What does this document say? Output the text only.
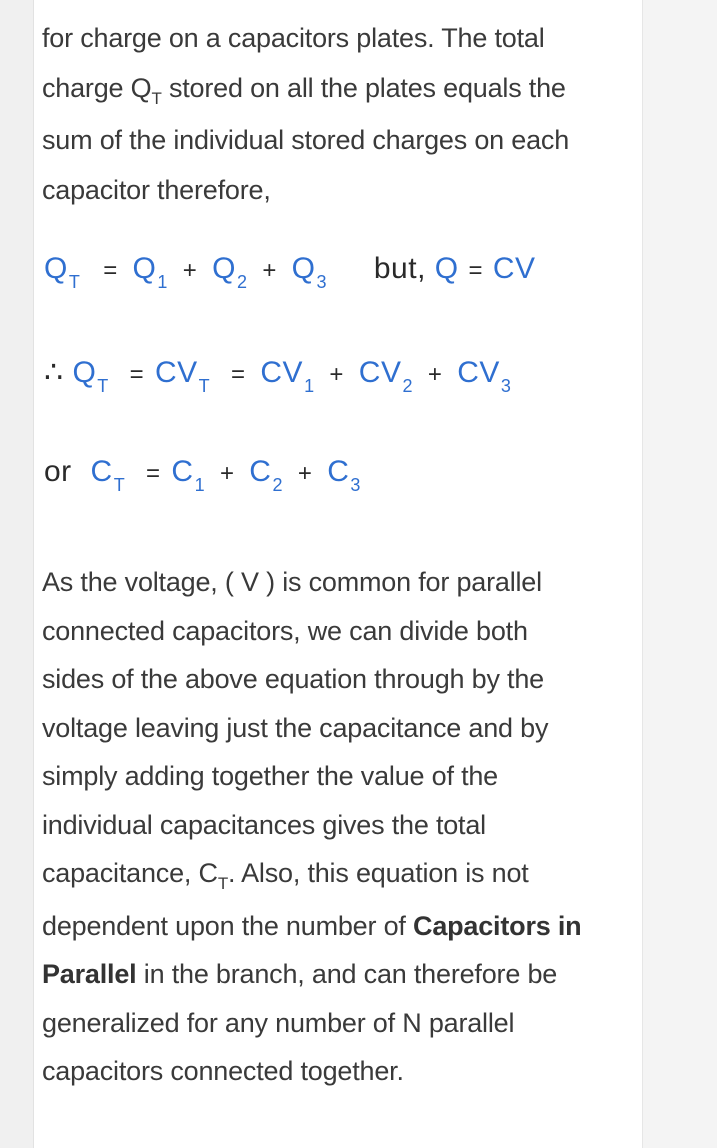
for charge on a capacitors plates. The total
charge $Q_T$ stored on all the plates equals the
sum of the individual stored charges on each
capacitor therefore,
$Q_T = Q_1 + Q_2 + Q_3$ but, Q = CV
∴ $Q_T = CV_T = CV_1 + CV_2 + CV_3$
or $C_T = C_1 + C_2 + C_3$
As the voltage, ( V ) is common for parallel
connected capacitors, we can divide both
sides of the above equation through by the
voltage leaving just the capacitance and by
simply adding together the value of the
individual capacitances gives the total
capacitance, $C_T$. Also, this equation is not
dependent upon the number of Capacitors in
Parallel in the branch, and can therefore be
generalized for any number of N parallel
capacitors connected together.
